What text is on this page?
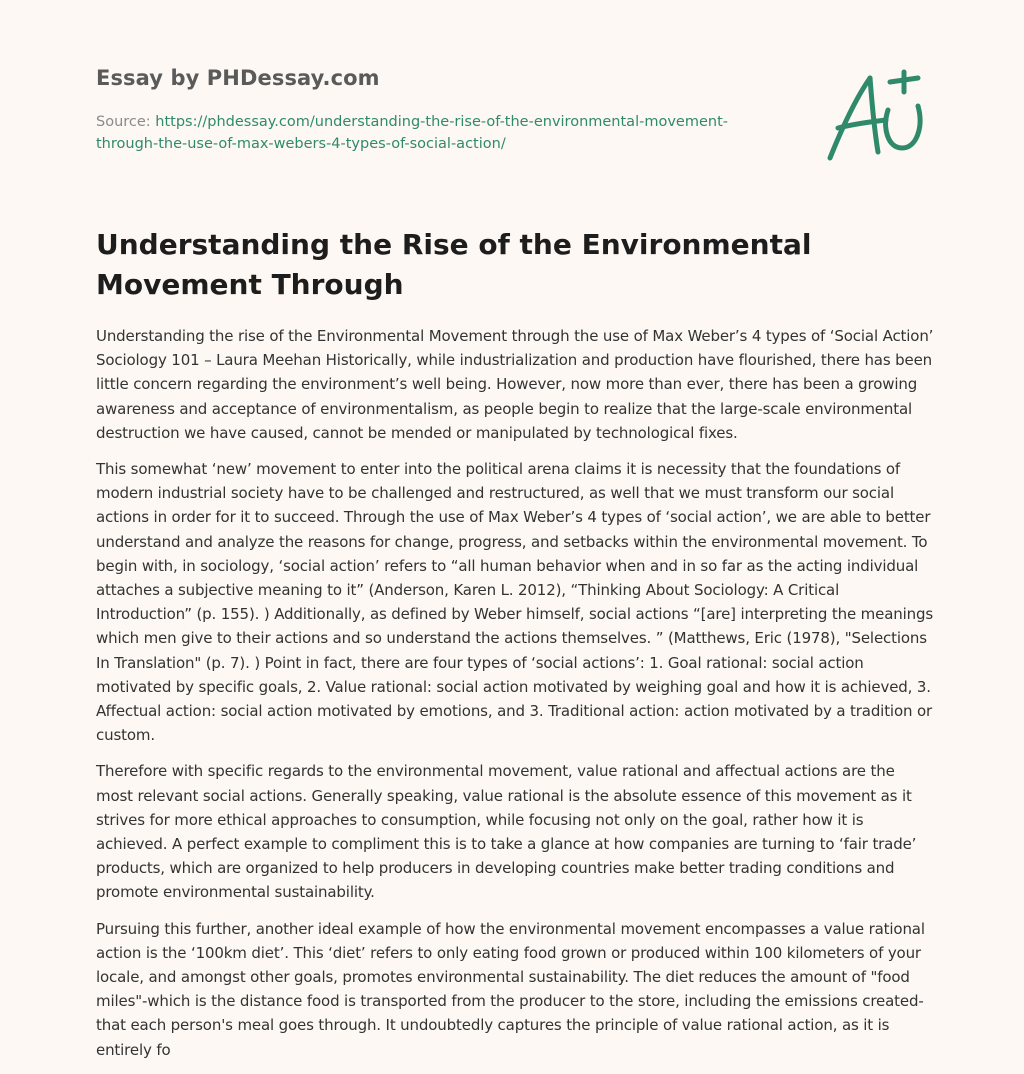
Essay by PHDessay.com
Source: https://phdessay.com/understanding-the-rise-of-the-environmental-movement-through-the-use-of-max-webers-4-types-of-social-action/
Understanding the Rise of the Environmental Movement Through

Understanding the rise of the Environmental Movement through the use of Max Weber’s 4 types of ‘Social Action’ Sociology 101 – Laura Meehan Historically, while industrialization and production have flourished, there has been little concern regarding the environment’s well being. However, now more than ever, there has been a growing awareness and acceptance of environmentalism, as people begin to realize that the large-scale environmental destruction we have caused, cannot be mended or manipulated by technological fixes.

This somewhat ‘new’ movement to enter into the political arena claims it is necessity that the foundations of modern industrial society have to be challenged and restructured, as well that we must transform our social actions in order for it to succeed. Through the use of Max Weber’s 4 types of ‘social action’, we are able to better understand and analyze the reasons for change, progress, and setbacks within the environmental movement. To begin with, in sociology, ‘social action’ refers to “all human behavior when and in so far as the acting individual attaches a subjective meaning to it” (Anderson, Karen L. 2012), “Thinking About Sociology: A Critical Introduction” (p. 155). ) Additionally, as defined by Weber himself, social actions “[are] interpreting the meanings which men give to their actions and so understand the actions themselves. ” (Matthews, Eric (1978), "Selections In Translation" (p. 7). ) Point in fact, there are four types of ‘social actions’: 1. Goal rational: social action motivated by specific goals, 2. Value rational: social action motivated by weighing goal and how it is achieved, 3. Affectual action: social action motivated by emotions, and 3. Traditional action: action motivated by a tradition or custom.

Therefore with specific regards to the environmental movement, value rational and affectual actions are the most relevant social actions. Generally speaking, value rational is the absolute essence of this movement as it strives for more ethical approaches to consumption, while focusing not only on the goal, rather how it is achieved. A perfect example to compliment this is to take a glance at how companies are turning to ‘fair trade’ products, which are organized to help producers in developing countries make better trading conditions and promote environmental sustainability.

Pursuing this further, another ideal example of how the environmental movement encompasses a value rational action is the ‘100km diet’. This ‘diet’ refers to only eating food grown or produced within 100 kilometers of your locale, and amongst other goals, promotes environmental sustainability. The diet reduces the amount of "food miles"-which is the distance food is transported from the producer to the store, including the emissions created-that each person's meal goes through. It undoubtedly captures the principle of value rational action, as it is entirely fo
